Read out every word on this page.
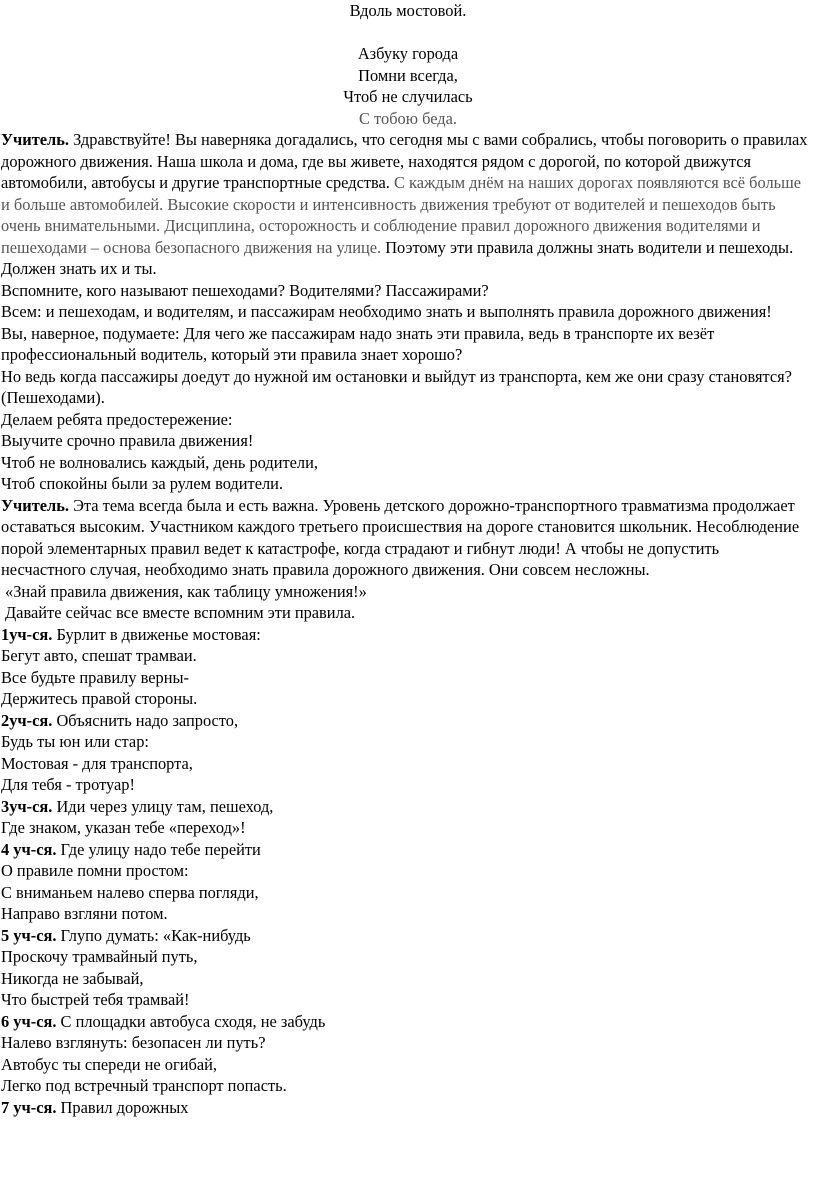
Вдоль мостовой.
Азбуку города
Помни всегда,
Чтоб не случилась
С тобою беда.
Учитель. Здравствуйте! Вы наверняка догадались, что сегодня мы с вами собрались, чтобы поговорить о правилах дорожного движения. Наша школа и дома, где вы живете, находятся рядом с дорогой, по которой движутся автомобили, автобусы и другие транспортные средства. С каждым днём на наших дорогах появляются всё больше и больше автомобилей. Высокие скорости и интенсивность движения требуют от водителей и пешеходов быть очень внимательными. Дисциплина, осторожность и соблюдение правил дорожного движения водителями и пешеходами – основа безопасного движения на улице. Поэтому эти правила должны знать водители и пешеходы. Должен знать их и ты.
Вспомните, кого называют пешеходами? Водителями? Пассажирами?
Всем: и пешеходам, и водителям, и пассажирам необходимо знать и выполнять правила дорожного движения!
Вы, наверное, подумаете: Для чего же пассажирам надо знать эти правила, ведь в транспорте их везёт профессиональный водитель, который эти правила знает хорошо?
Но ведь когда пассажиры доедут до нужной им остановки и выйдут из транспорта, кем же они сразу становятся? (Пешеходами).
Делаем ребята предостережение:
Выучите срочно правила движения!
Чтоб не волновались каждый, день родители,
Чтоб спокойны были за рулем водители.
Учитель. Эта тема всегда была и есть важна. Уровень детского дорожно-транспортного травматизма продолжает оставаться высоким. Участником каждого третьего происшествия на дороге становится школьник. Несоблюдение порой элементарных правил ведет к катастрофе, когда страдают и гибнут люди! А чтобы не допустить несчастного случая, необходимо знать правила дорожного движения. Они совсем несложны.
«Знай правила движения, как таблицу умножения!»
Давайте сейчас все вместе вспомним эти правила.
1уч-ся. Бурлит в движенье мостовая:
Бегут авто, спешат трамваи.
Все будьте правилу верны-
Держитесь правой стороны.
2уч-ся. Объяснить надо запросто,
Будь ты юн или стар:
Мостовая - для транспорта,
Для тебя - тротуар!
3уч-ся. Иди через улицу там, пешеход,
Где знаком, указан тебе «переход»!
4 уч-ся. Где улицу надо тебе перейти
О правиле помни простом:
С вниманьем налево сперва погляди,
Направо взгляни потом.
5 уч-ся. Глупо думать: «Как-нибудь
Проскочу трамвайный путь,
Никогда не забывай,
Что быстрей тебя трамвай!
6 уч-ся. С площадки автобуса сходя, не забудь
Налево взглянуть: безопасен ли путь?
Автобус ты спереди не огибай,
Легко под встречный транспорт попасть.
7 уч-ся. Правил дорожных
